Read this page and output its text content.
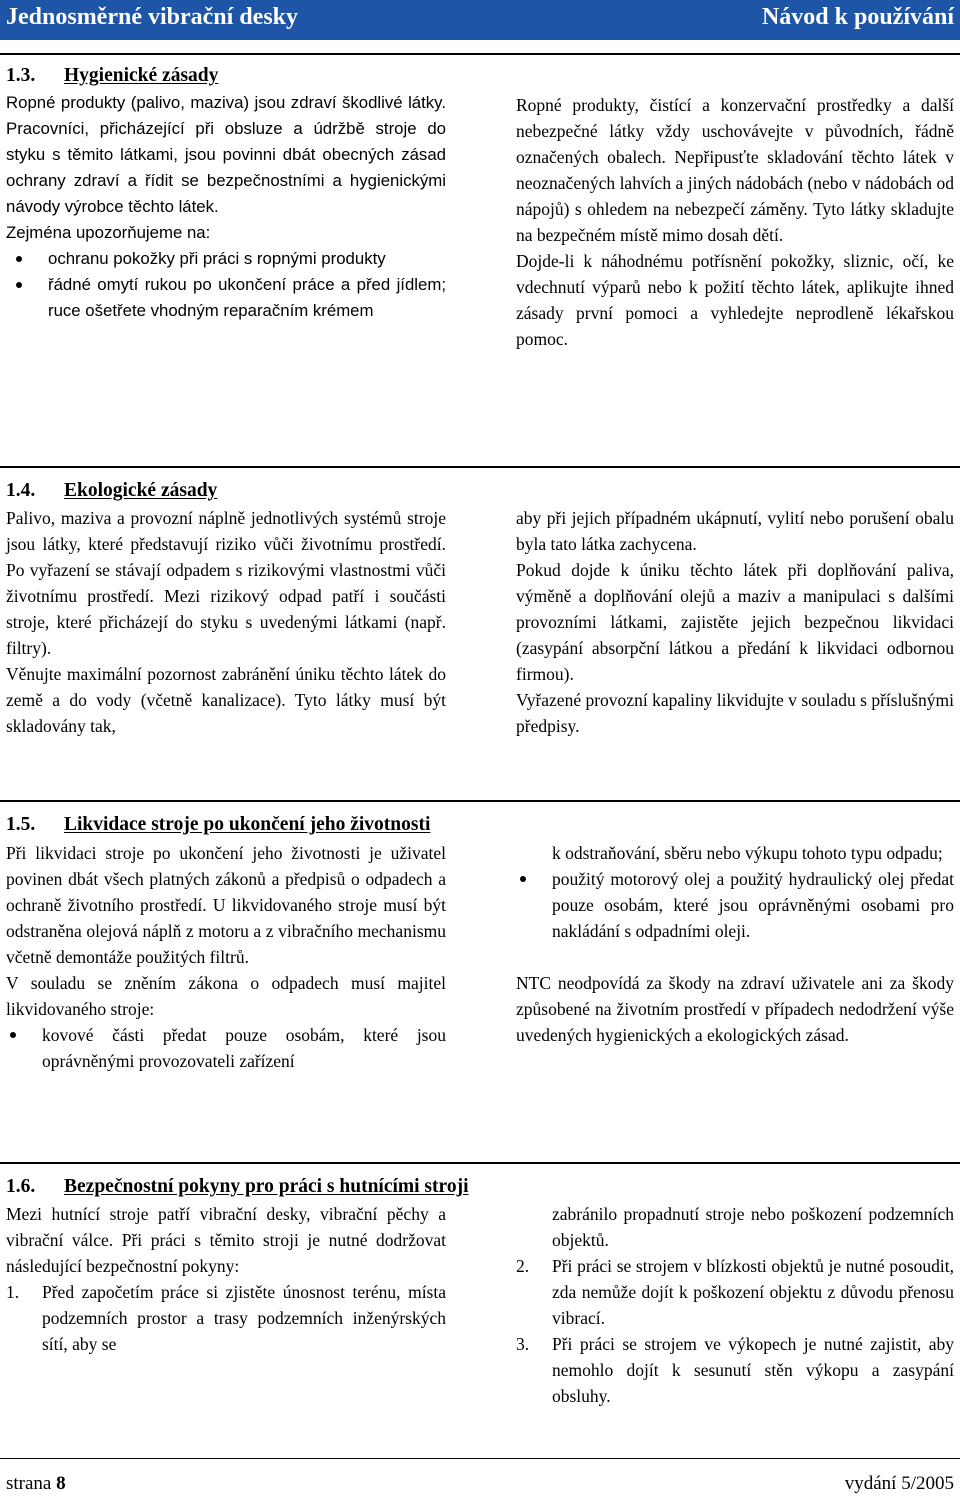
Jednosměrné vibrační desky	Návod k používání
1.3. Hygienické zásady

Ropné produkty (palivo, maziva) jsou zdraví škodlivé látky. Pracovníci, přicházející při obsluze a údržbě stroje do styku s těmito látkami, jsou povinni dbát obecných zásad ochrany zdraví a řídit se bezpečnostními a hygienickými návody výrobce těchto látek.

Zejména upozorňujeme na:

ochranu pokožky při práci s ropnými produkty
řádné omytí rukou po ukončení práce a před jídlem; ruce ošetřete vhodným reparačním krémem

Ropné produkty, čistící a konzervační prostředky a další nebezpečné látky vždy uschovávejte v původních, řádně označených obalech. Nepřipusťte skladování těchto látek v neoznačených lahvích a jiných nádobách (nebo v nádobách od nápojů) s ohledem na nebezpečí záměny. Tyto látky skladujte na bezpečném místě mimo dosah dětí.

Dojde-li k náhodnému potřísnění pokožky, sliznic, očí, ke vdechnutí výparů nebo k požití těchto látek, aplikujte ihned zásady první pomoci a vyhledejte neprodleně lékařskou pomoc.

1.4. Ekologické zásady

Palivo, maziva a provozní náplně jednotlivých systémů stroje jsou látky, které představují riziko vůči životnímu prostředí. Po vyřazení se stávají odpadem s rizikovými vlastnostmi vůči životnímu prostředí. Mezi rizikový odpad patří i součásti stroje, které přicházejí do styku s uvedenými látkami (např. filtry).

Věnujte maximální pozornost zabránění úniku těchto látek do země a do vody (včetně kanalizace). Tyto látky musí být skladovány tak,

aby při jejich případném ukápnutí, vylití nebo porušení obalu byla tato látka zachycena.

Pokud dojde k úniku těchto látek při doplňování paliva, výměně a doplňování olejů a maziv a manipulaci s dalšími provozními látkami, zajistěte jejich bezpečnou likvidaci (zasypání absorpční látkou a předání k likvidaci odbornou firmou).

Vyřazené provozní kapaliny likvidujte v souladu s příslušnými předpisy.

1.5. Likvidace stroje po ukončení jeho životnosti

Při likvidaci stroje po ukončení jeho životnosti je uživatel povinen dbát všech platných zákonů a předpisů o odpadech a ochraně životního prostředí. U likvidovaného stroje musí být odstraněna olejová náplň z motoru a z vibračního mechanismu včetně demontáže použitých filtrů.

V souladu se zněním zákona o odpadech musí majitel likvidovaného stroje:

kovové části předat pouze osobám, které jsou oprávněnými provozovateli zařízení

k odstraňování, sběru nebo výkupu tohoto typu odpadu;

použitý motorový olej a použitý hydraulický olej předat pouze osobám, které jsou oprávněnými osobami pro nakládání s odpadními oleji.

NTC neodpovídá za škody na zdraví uživatele ani za škody způsobené na životním prostředí v případech nedodržení výše uvedených hygienických a ekologických zásad.

1.6. Bezpečnostní pokyny pro práci s hutnícími stroji

Mezi hutnící stroje patří vibrační desky, vibrační pěchy a vibrační válce. Při práci s těmito stroji je nutné dodržovat následující bezpečnostní pokyny:

1. Před započetím práce si zjistěte únosnost terénu, místa podzemních prostor a trasy podzemních inženýrských sítí, aby se

zabránilo propadnutí stroje nebo poškození podzemních objektů.

2. Při práci se strojem v blízkosti objektů je nutné posoudit, zda nemůže dojít k poškození objektu z důvodu přenosu vibrací.
3. Při práci se strojem ve výkopech je nutné zajistit, aby nemohlo dojít k sesunutí stěn výkopu a zasypání obsluhy.
strana 8	vydání 5/2005
